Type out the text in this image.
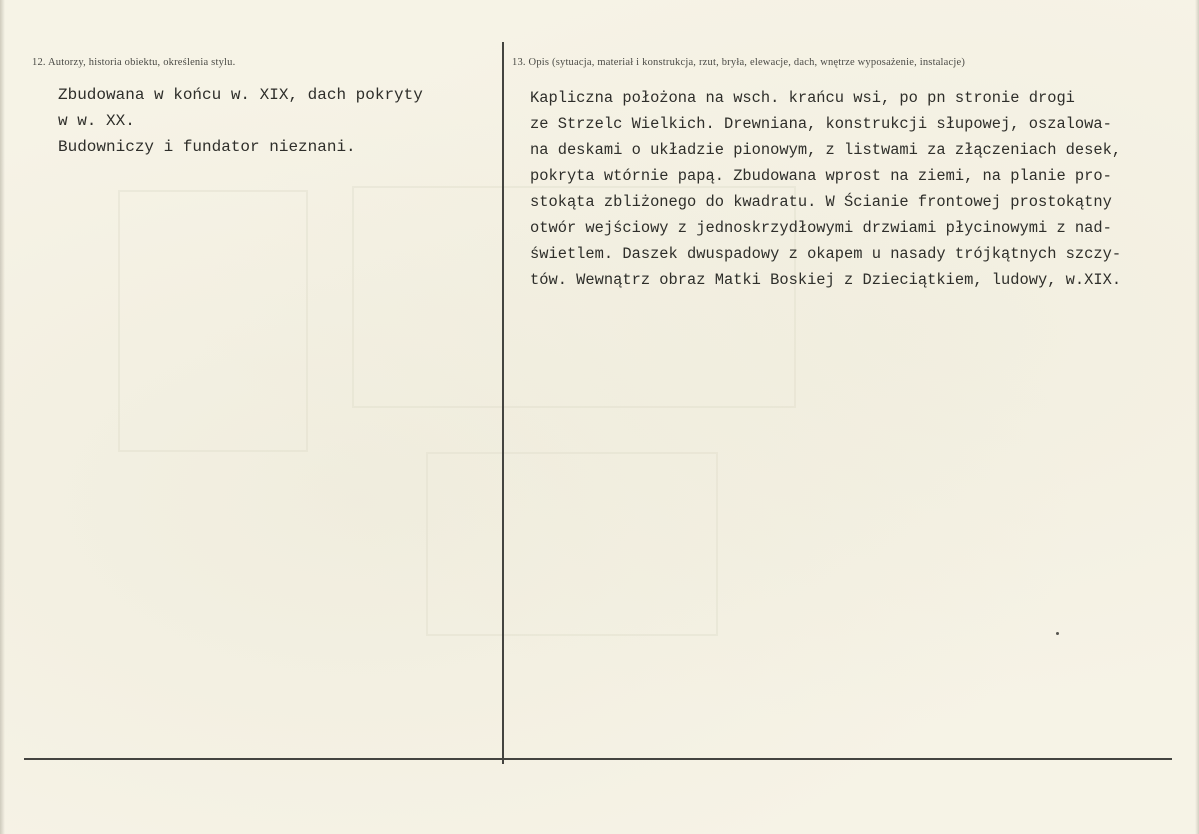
12. Autorzy, historia obiektu, określenia stylu.
Zbudowana w końcu w. XIX, dach pokryty
w w. XX.
Budowniczy i fundator nieznani.
13. Opis (sytuacja, materiał i konstrukcja, rzut, bryła, elewacje, dach, wnętrze wyposażenie, instalacje)
Kapliczna położona na wsch. krańcu wsi, po pn stronie drogi
ze Strzelc Wielkich. Drewniana, konstrukcji słupowej, oszalowa-
na deskami o układzie pionowym, z listwami za złączeniach desek,
pokryta wtórnie papą. Zbudowana wprost na ziemi, na planie pro-
stokąta zbliżonego do kwadratu. W Ścianie frontowej prostokątny
otwór wejściowy z jednoskrzydłowymi drzwiami płycinowymi z nad-
świetlem. Daszek dwuspadowy z okapem u nasady trójkątnych szczy-
tów. Wewnątrz obraz Matki Boskiej z Dzieciątkiem, ludowy, w.XIX.
